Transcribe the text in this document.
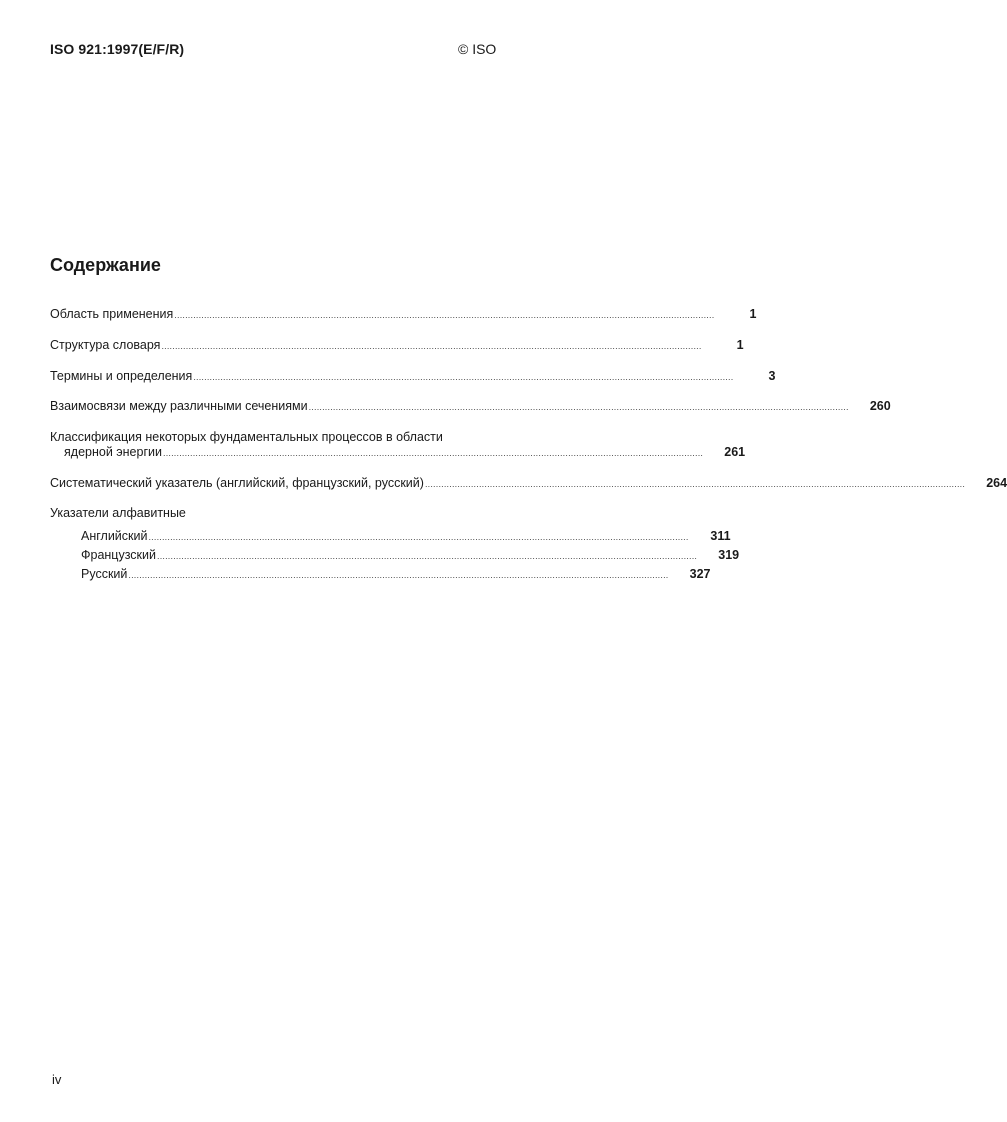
ISO 921:1997(E/F/R)	© ISO
Содержание
Область применения ........................................................................................................................................................................................................	1
Структура словаря ........................................................................................................................................................................................................	1
Термины и определения ........................................................................................................................................................................................................	3
Взаимосвязи между различными сечениями ........................................................................................................................................................................................................	260
Классификация некоторых фундаментальных процессов в области
ядерной энергии ........................................................................................................................................................................................................	261
Систематический указатель (английский, французский, русский) ........................................................................................................................................................................................................	264
Указатели алфавитные
Английский ........................................................................................................................................................................................................	311
Французский ........................................................................................................................................................................................................	319
Русский ........................................................................................................................................................................................................	327
iv
